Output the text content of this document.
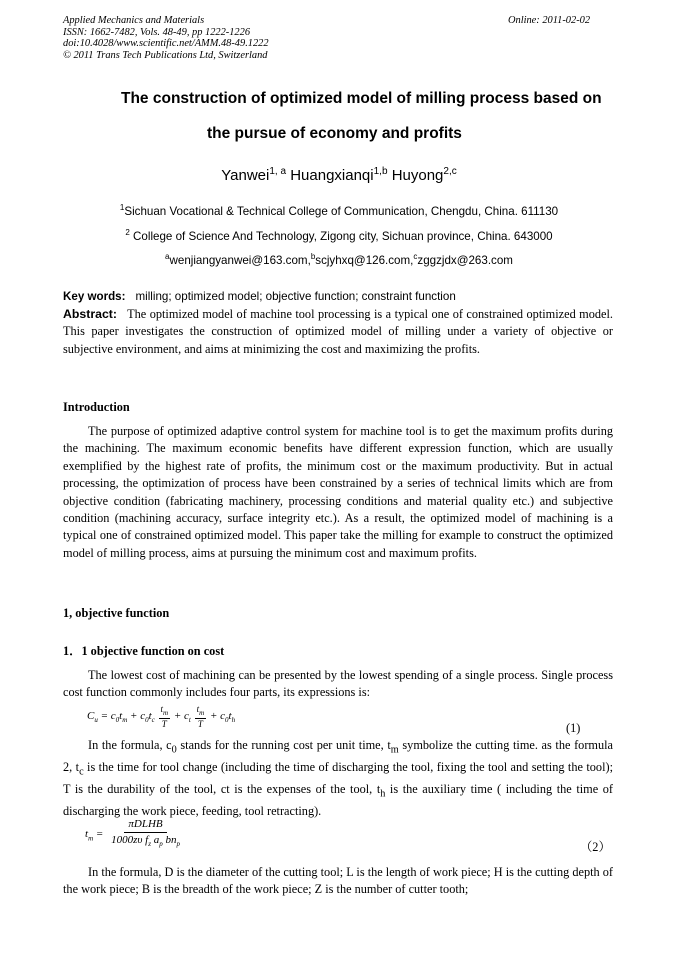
Applied Mechanics and Materials
ISSN: 1662-7482, Vols. 48-49, pp 1222-1226
doi:10.4028/www.scientific.net/AMM.48-49.1222
© 2011 Trans Tech Publications Ltd, Switzerland
Online: 2011-02-02
The construction of optimized model of milling process based on
the pursue of economy and profits
Yanwei$^{1, a}$ Huangxianqi$^{1,b}$ Huyong$^{2,c}$
$^1$Sichuan Vocational & Technical College of Communication, Chengdu, China. 611130
$^2$ College of Science And Technology, Zigong city, Sichuan province, China. 643000
$^a$wenjiangyanwei@163.com,$^b$scjyhxq@126.com,$^c$zggzjdx@263.com
Key words: milling; optimized model; objective function; constraint function
Abstract: The optimized model of machine tool processing is a typical one of constrained optimized model. This paper investigates the construction of optimized model of milling under a variety of objective or subjective environment, and aims at minimizing the cost and maximizing the profits.
Introduction
The purpose of optimized adaptive control system for machine tool is to get the maximum profits during the machining. The maximum economic benefits have different expression function, which are usually exemplified by the highest rate of profits, the minimum cost or the maximum productivity. But in actual processing, the optimization of process have been constrained by a series of technical limits which are from objective condition (fabricating machinery, processing conditions and material quality etc.) and subjective condition (machining accuracy, surface integrity etc.). As a result, the optimized model of machining is a typical one of constrained optimized model. This paper take the milling for example to construct the optimized model of milling process, aims at pursuing the minimum cost and maximum profits.
1, objective function
1．1 objective function on cost
The lowest cost of machining can be presented by the lowest spending of a single process. Single process cost function commonly includes four parts, its expressions is:
$C_u = c_0t_m + c_0t_c \frac{t_m}{T} + c_t \frac{t_m}{T} + c_0t_h$
(1)
In the formula, $c_0$ stands for the running cost per unit time, $t_m$ symbolize the cutting time. as the formula 2, $t_c$ is the time for tool change (including the time of discharging the tool, fixing the tool and setting the tool); T is the durability of the tool, ct is the expenses of the tool, $t_h$ is the auxiliary time ( including the time of discharging the work piece, feeding, tool retracting).
$t_m = \frac{\text{πDLHB}}{1000z\upsilon f_z a_p bn_p}$	（2）
In the formula, D is the diameter of the cutting tool; L is the length of work piece; H is the cutting depth of the work piece; B is the breadth of the work piece; Z is the number of cutter tooth;
